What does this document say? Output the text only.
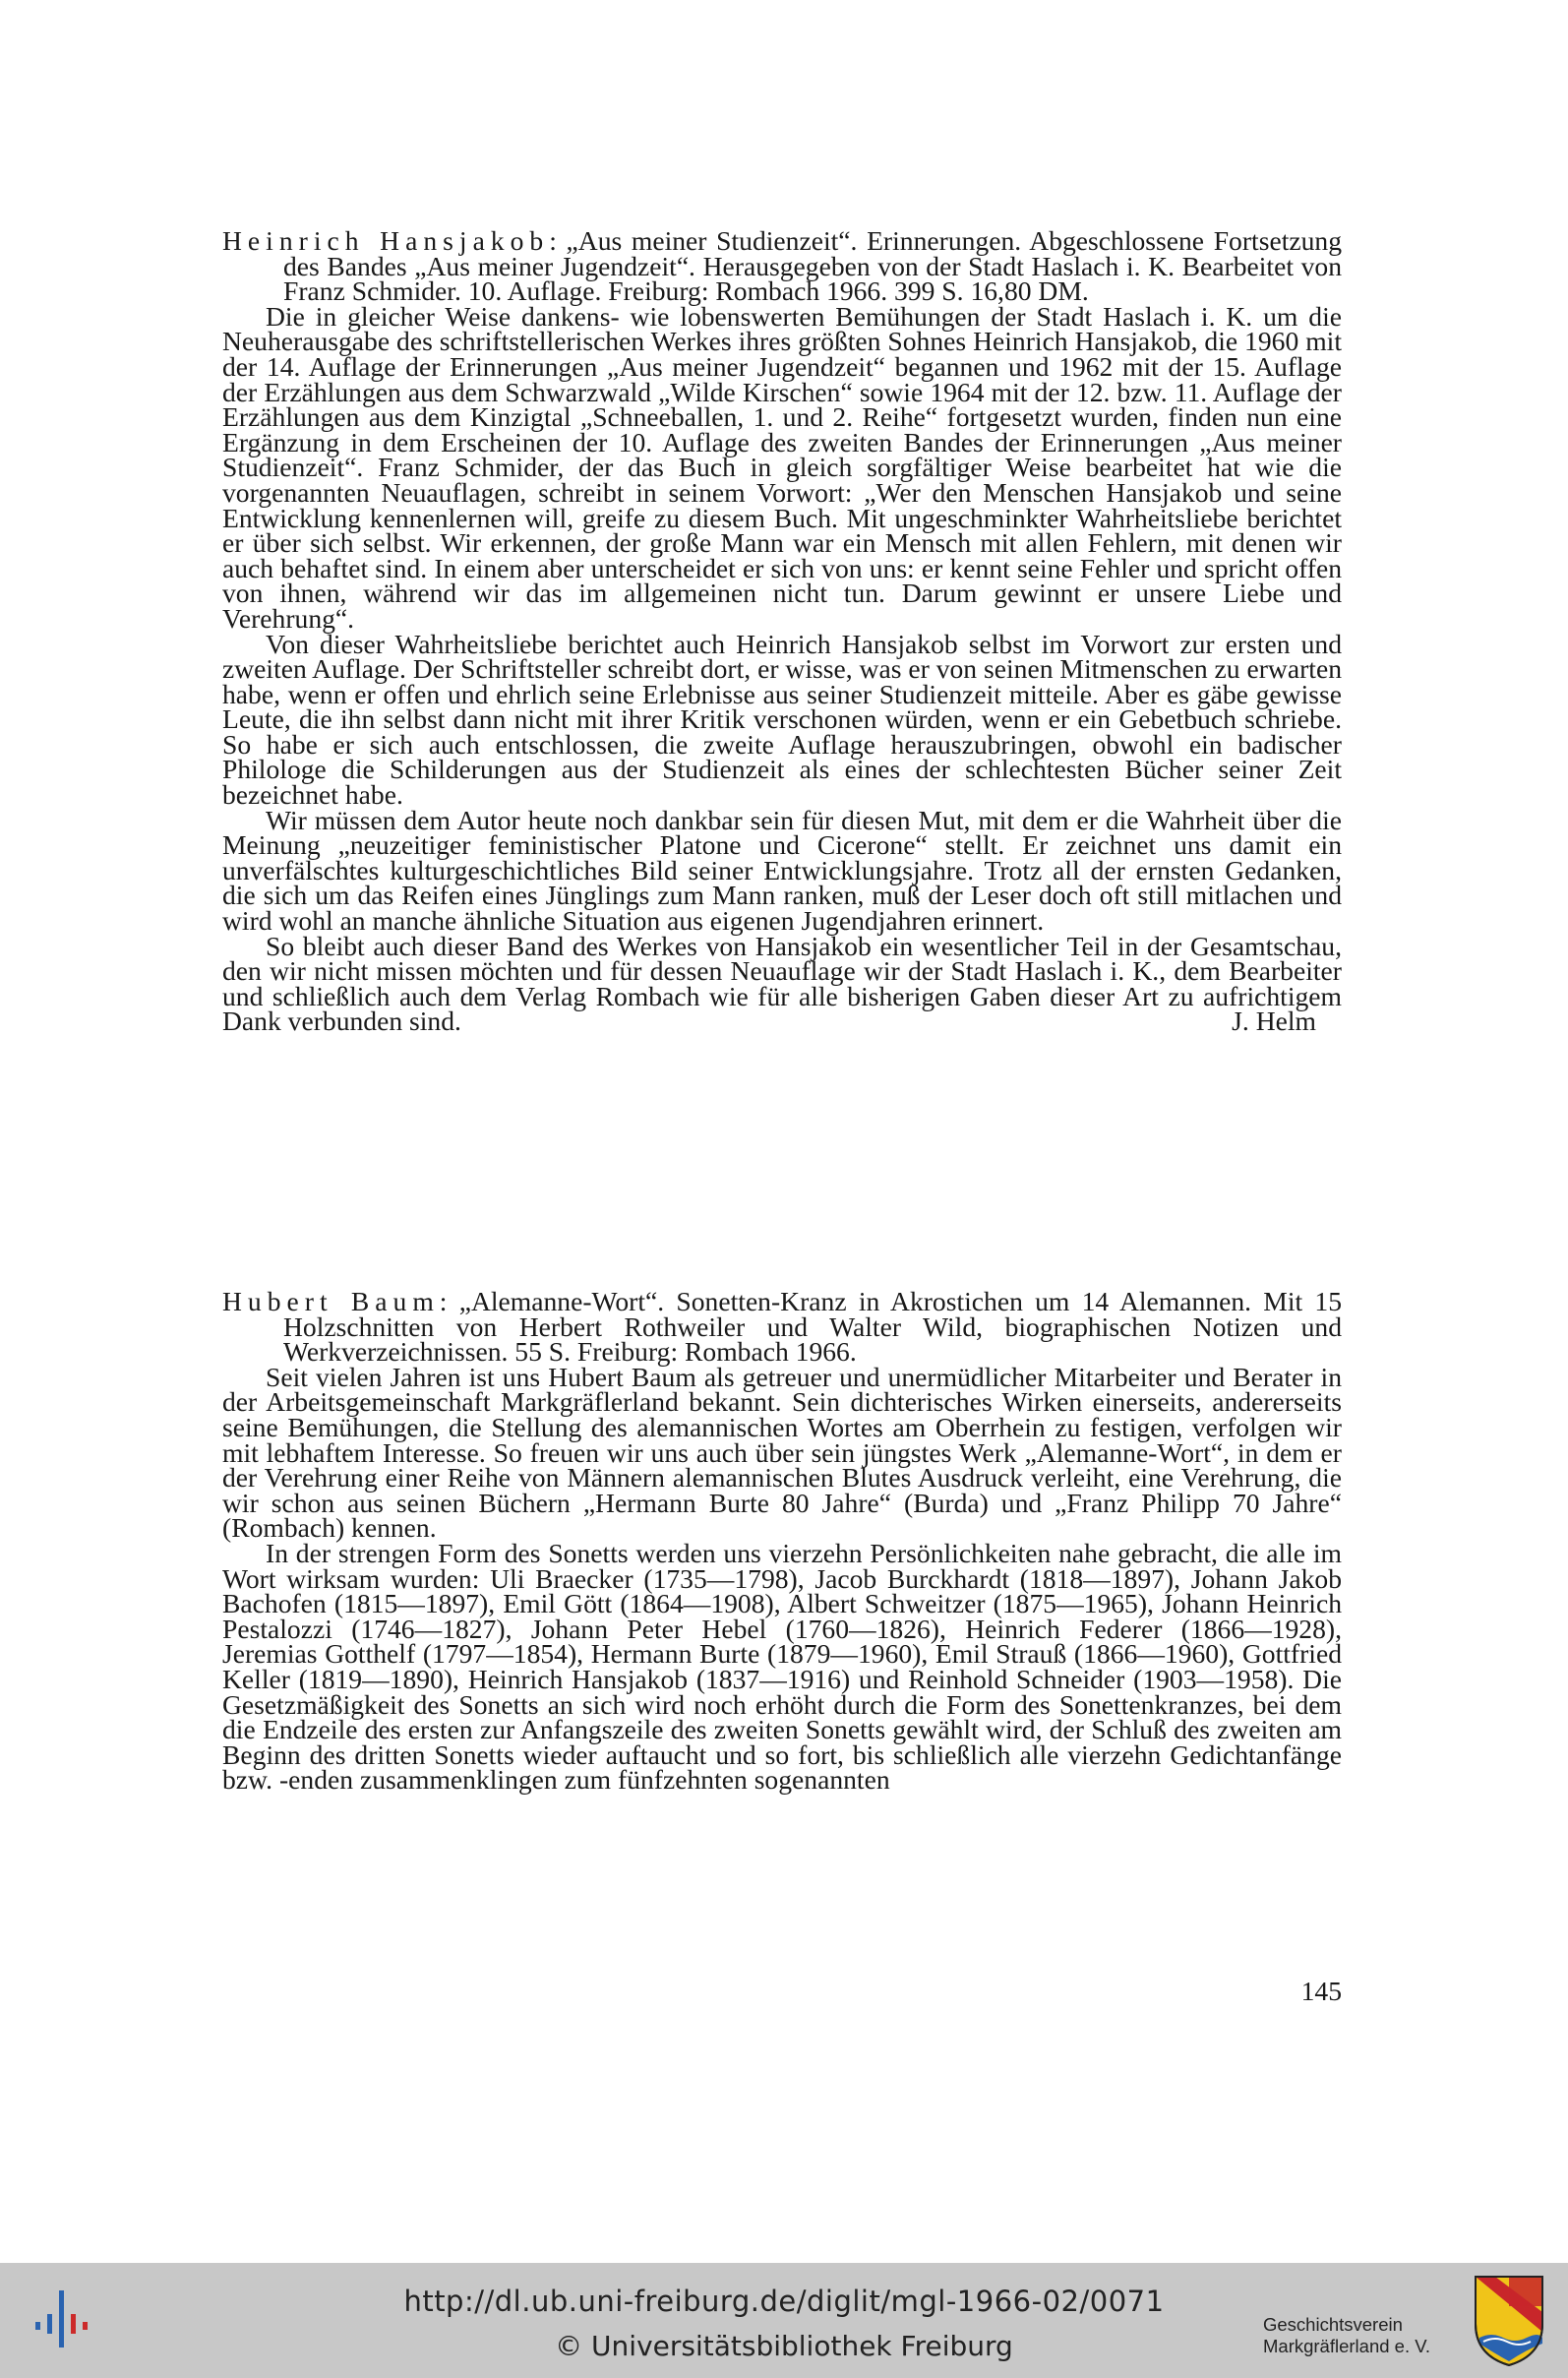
Heinrich Hansjakob: „Aus meiner Studienzeit“. Erinnerungen. Abgeschlossene Fortsetzung des Bandes „Aus meiner Jugendzeit“. Herausgegeben von der Stadt Haslach i. K. Bearbeitet von Franz Schmider. 10. Auflage. Freiburg: Rombach 1966. 399 S. 16,80 DM.

Die in gleicher Weise dankens- wie lobenswerten Bemühungen der Stadt Haslach i. K. um die Neuherausgabe des schriftstellerischen Werkes ihres größten Sohnes Heinrich Hansjakob, die 1960 mit der 14. Auflage der Erinnerungen „Aus meiner Jugendzeit“ begannen und 1962 mit der 15. Auflage der Erzählungen aus dem Schwarzwald „Wilde Kirschen“ sowie 1964 mit der 12. bzw. 11. Auflage der Erzählungen aus dem Kinzigtal „Schneeballen, 1. und 2. Reihe“ fortgesetzt wurden, finden nun eine Ergänzung in dem Erscheinen der 10. Auflage des zweiten Bandes der Erinnerungen „Aus meiner Studienzeit“. Franz Schmider, der das Buch in gleich sorgfältiger Weise bearbeitet hat wie die vorgenannten Neuauflagen, schreibt in seinem Vorwort: „Wer den Menschen Hansjakob und seine Entwicklung kennenlernen will, greife zu diesem Buch. Mit ungeschminkter Wahrheitsliebe berichtet er über sich selbst. Wir erkennen, der große Mann war ein Mensch mit allen Fehlern, mit denen wir auch behaftet sind. In einem aber unterscheidet er sich von uns: er kennt seine Fehler und spricht offen von ihnen, während wir das im allgemeinen nicht tun. Darum gewinnt er unsere Liebe und Verehrung“.

Von dieser Wahrheitsliebe berichtet auch Heinrich Hansjakob selbst im Vorwort zur ersten und zweiten Auflage. Der Schriftsteller schreibt dort, er wisse, was er von seinen Mitmenschen zu erwarten habe, wenn er offen und ehrlich seine Erlebnisse aus seiner Studienzeit mitteile. Aber es gäbe gewisse Leute, die ihn selbst dann nicht mit ihrer Kritik verschonen würden, wenn er ein Gebetbuch schriebe. So habe er sich auch entschlossen, die zweite Auflage herauszubringen, obwohl ein badischer Philologe die Schilderungen aus der Studienzeit als eines der schlechtesten Bücher seiner Zeit bezeichnet habe.

Wir müssen dem Autor heute noch dankbar sein für diesen Mut, mit dem er die Wahrheit über die Meinung „neuzeitiger feministischer Platone und Cicerone“ stellt. Er zeichnet uns damit ein unverfälschtes kulturgeschichtliches Bild seiner Entwicklungsjahre. Trotz all der ernsten Gedanken, die sich um das Reifen eines Jünglings zum Mann ranken, muß der Leser doch oft still mitlachen und wird wohl an manche ähnliche Situation aus eigenen Jugendjahren erinnert.

So bleibt auch dieser Band des Werkes von Hansjakob ein wesentlicher Teil in der Gesamtschau, den wir nicht missen möchten und für dessen Neuauflage wir der Stadt Haslach i. K., dem Bearbeiter und schließlich auch dem Verlag Rombach wie für alle bisherigen Gaben dieser Art zu aufrichtigem Dank verbunden sind.	J. Helm

Hubert Baum: „Alemanne-Wort“. Sonetten-Kranz in Akrostichen um 14 Alemannen. Mit 15 Holzschnitten von Herbert Rothweiler und Walter Wild, biographischen Notizen und Werkverzeichnissen. 55 S. Freiburg: Rombach 1966.

Seit vielen Jahren ist uns Hubert Baum als getreuer und unermüdlicher Mitarbeiter und Berater in der Arbeitsgemeinschaft Markgräflerland bekannt. Sein dichterisches Wirken einerseits, andererseits seine Bemühungen, die Stellung des alemannischen Wortes am Oberrhein zu festigen, verfolgen wir mit lebhaftem Interesse. So freuen wir uns auch über sein jüngstes Werk „Alemanne-Wort“, in dem er der Verehrung einer Reihe von Männern alemannischen Blutes Ausdruck verleiht, eine Verehrung, die wir schon aus seinen Büchern „Hermann Burte 80 Jahre“ (Burda) und „Franz Philipp 70 Jahre“ (Rombach) kennen.

In der strengen Form des Sonetts werden uns vierzehn Persönlichkeiten nahe gebracht, die alle im Wort wirksam wurden: Uli Braecker (1735—1798), Jacob Burckhardt (1818—1897), Johann Jakob Bachofen (1815—1897), Emil Gött (1864—1908), Albert Schweitzer (1875—1965), Johann Heinrich Pestalozzi (1746—1827), Johann Peter Hebel (1760—1826), Heinrich Federer (1866—1928), Jeremias Gotthelf (1797—1854), Hermann Burte (1879—1960), Emil Strauß (1866—1960), Gottfried Keller (1819—1890), Heinrich Hansjakob (1837—1916) und Reinhold Schneider (1903—1958). Die Gesetzmäßigkeit des Sonetts an sich wird noch erhöht durch die Form des Sonettenkranzes, bei dem die Endzeile des ersten zur Anfangszeile des zweiten Sonetts gewählt wird, der Schluß des zweiten am Beginn des dritten Sonetts wieder auftaucht und so fort, bis schließlich alle vierzehn Gedichtanfänge bzw. -enden zusammenklingen zum fünfzehnten sogenannten

145
http://dl.ub.uni-freiburg.de/diglit/mgl-1966-02/0071
© Universitätsbibliothek Freiburg
Geschichtsverein
Markgräflerland e. V.
